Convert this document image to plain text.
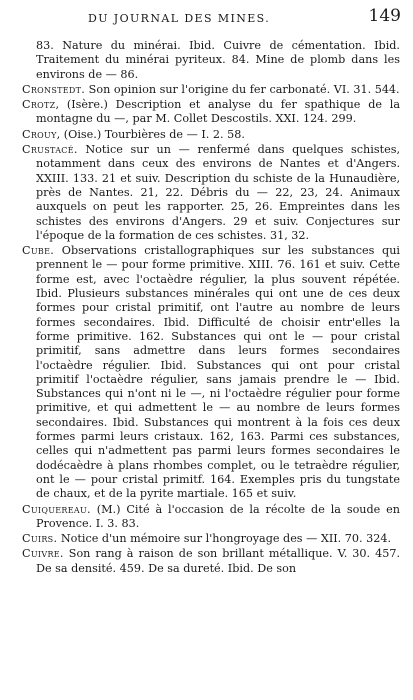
DU JOURNAL DES MINES.	149

83. Nature du minérai. Ibid. Cuivre de cémentation. Ibid. Traitement du minérai pyriteux. 84. Mine de plomb dans les environs de — 86.

Cronstedt. Son opinion sur l'origine du fer carbonaté. VI. 31. 544.

Crotz, (Isère.) Description et analyse du fer spathique de la montagne du —, par M. Collet Descostils. XXI. 124. 299.

Crouy, (Oise.) Tourbières de — I. 2. 58.

Crustacé. Notice sur un — renfermé dans quelques schistes, notamment dans ceux des environs de Nantes et d'Angers. XXIII. 133. 21 et suiv. Description du schiste de la Hunaudière, près de Nantes. 21, 22. Débris du — 22, 23, 24. Animaux auxquels on peut les rapporter. 25, 26. Empreintes dans les schistes des environs d'Angers. 29 et suiv. Conjectures sur l'époque de la formation de ces schistes. 31, 32.

Cube. Observations cristallographiques sur les substances qui prennent le — pour forme primitive. XIII. 76. 161 et suiv. Cette forme est, avec l'octaèdre régulier, la plus souvent répétée. Ibid. Plusieurs substances minérales qui ont une de ces deux formes pour cristal primitif, ont l'autre au nombre de leurs formes secondaires. Ibid. Difficulté de choisir entr'elles la forme primitive. 162. Substances qui ont le — pour cristal primitif, sans admettre dans leurs formes secondaires l'octaèdre régulier. Ibid. Substances qui ont pour cristal primitif l'octaèdre régulier, sans jamais prendre le — Ibid. Substances qui n'ont ni le —, ni l'octaèdre régulier pour forme primitive, et qui admettent le — au nombre de leurs formes secondaires. Ibid. Substances qui montrent à la fois ces deux formes parmi leurs cristaux. 162, 163. Parmi ces substances, celles qui n'admettent pas parmi leurs formes secondaires le dodécaèdre à plans rhombes complet, ou le tetraèdre régulier, ont le — pour cristal primitf. 164. Exemples pris du tungstate de chaux, et de la pyrite martiale. 165 et suiv.

Cuiquereau. (M.) Cité à l'occasion de la récolte de la soude en Provence. I. 3. 83.

Cuirs. Notice d'un mémoire sur l'hongroyage des — XII. 70. 324.

Cuivre. Son rang à raison de son brillant métallique. V. 30. 457. De sa densité. 459. De sa dureté. Ibid. De son
